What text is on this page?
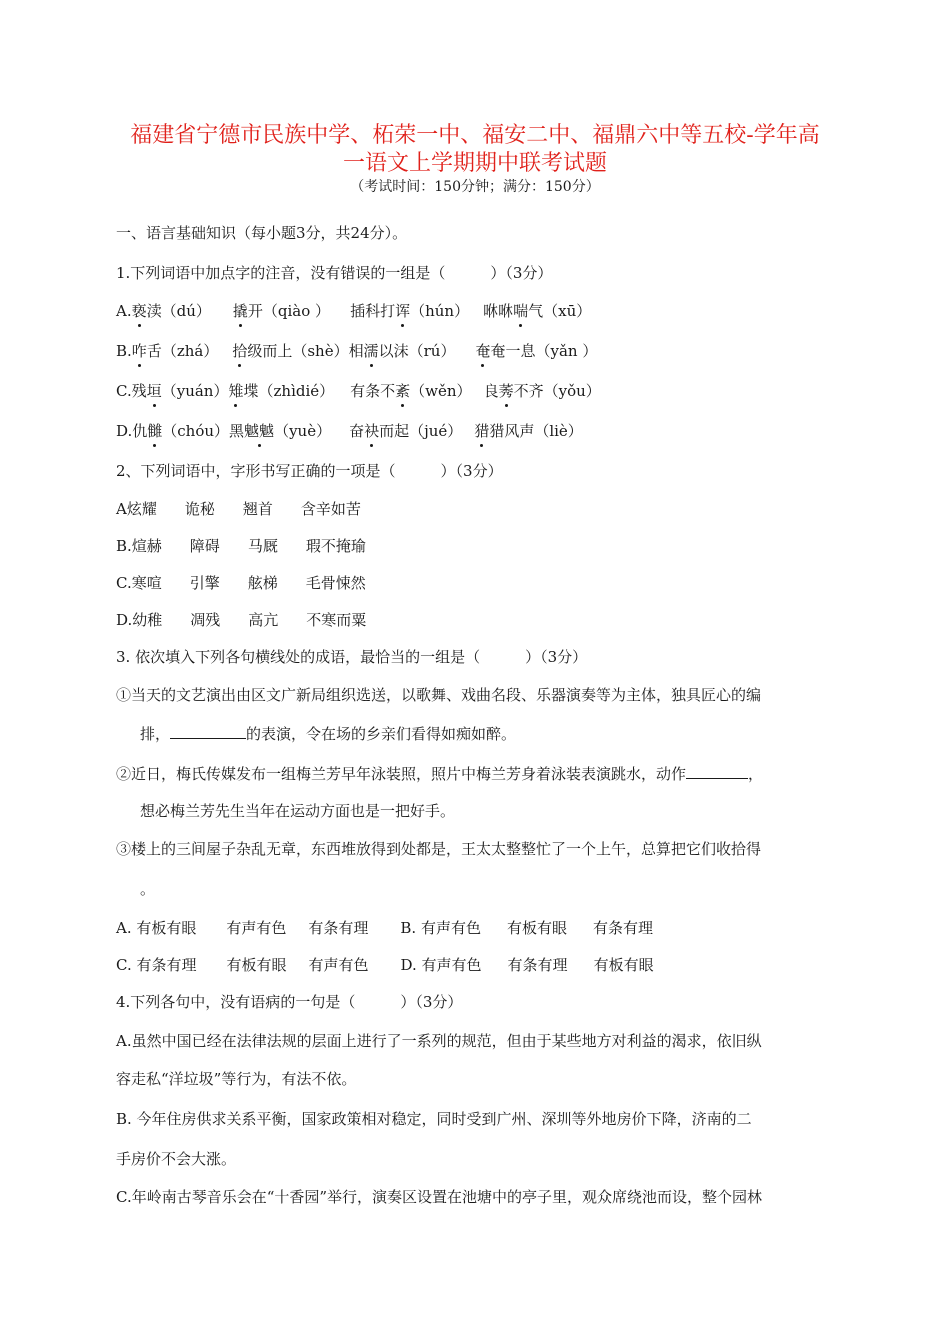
福建省宁德市民族中学、柘荣一中、福安二中、福鼎六中等五校-学年高
一语文上学期期中联考试题
（考试时间：150分钟；满分：150分）
一、语言基础知识（每小题3分，共24分）。
1.下列词语中加点字的注音，没有错误的一组是（　　　）（3分）
A.亵渎（dú） 撬开（qiào ） 插科打诨（hún） 咻咻喘气（xū）
B.咋舌（zhá） 拾级而上（shè）相濡以沫（rú） 奄奄一息（yǎn ）
C.残垣（yuán）雉堞（zhìdié） 有条不紊（wěn） 良莠不齐（yǒu）
D.仇雠（chóu）黑魆魆（yuè） 奋袂而起（jué） 猎猎风声（liè）
2、下列词语中，字形书写正确的一项是（　　　）（3分）
A炫耀 诡秘 翘首 含辛如苦
B.煊赫 障碍 马厩 瑕不掩瑜
C.寒喧 引擎 舷梯 毛骨悚然
D.幼稚 凋残 高亢 不寒而粟
3. 依次填入下列各句横线处的成语，最恰当的一组是（　　　）（3分）
①当天的文艺演出由区文广新局组织选送，以歌舞、戏曲名段、乐器演奏等为主体，独具匠心的编
排，	的表演，令在场的乡亲们看得如痴如醉。
②近日，梅氏传媒发布一组梅兰芳早年泳装照，照片中梅兰芳身着泳装表演跳水，动作	，
想必梅兰芳先生当年在运动方面也是一把好手。
③楼上的三间屋子杂乱无章，东西堆放得到处都是，王太太整整忙了一个上午，总算把它们收拾得
。
A. 有板有眼 有声有色 有条有理 B. 有声有色 有板有眼 有条有理
C. 有条有理 有板有眼 有声有色 D. 有声有色 有条有理 有板有眼
4.下列各句中，没有语病的一句是（　　　）（3分）
A.虽然中国已经在法律法规的层面上进行了一系列的规范，但由于某些地方对利益的渴求，依旧纵
容走私“洋垃圾”等行为，有法不依。
B. 今年住房供求关系平衡，国家政策相对稳定，同时受到广州、深圳等外地房价下降，济南的二
手房价不会大涨。
C.年岭南古琴音乐会在“十香园”举行，演奏区设置在池塘中的亭子里，观众席绕池而设，整个园林
